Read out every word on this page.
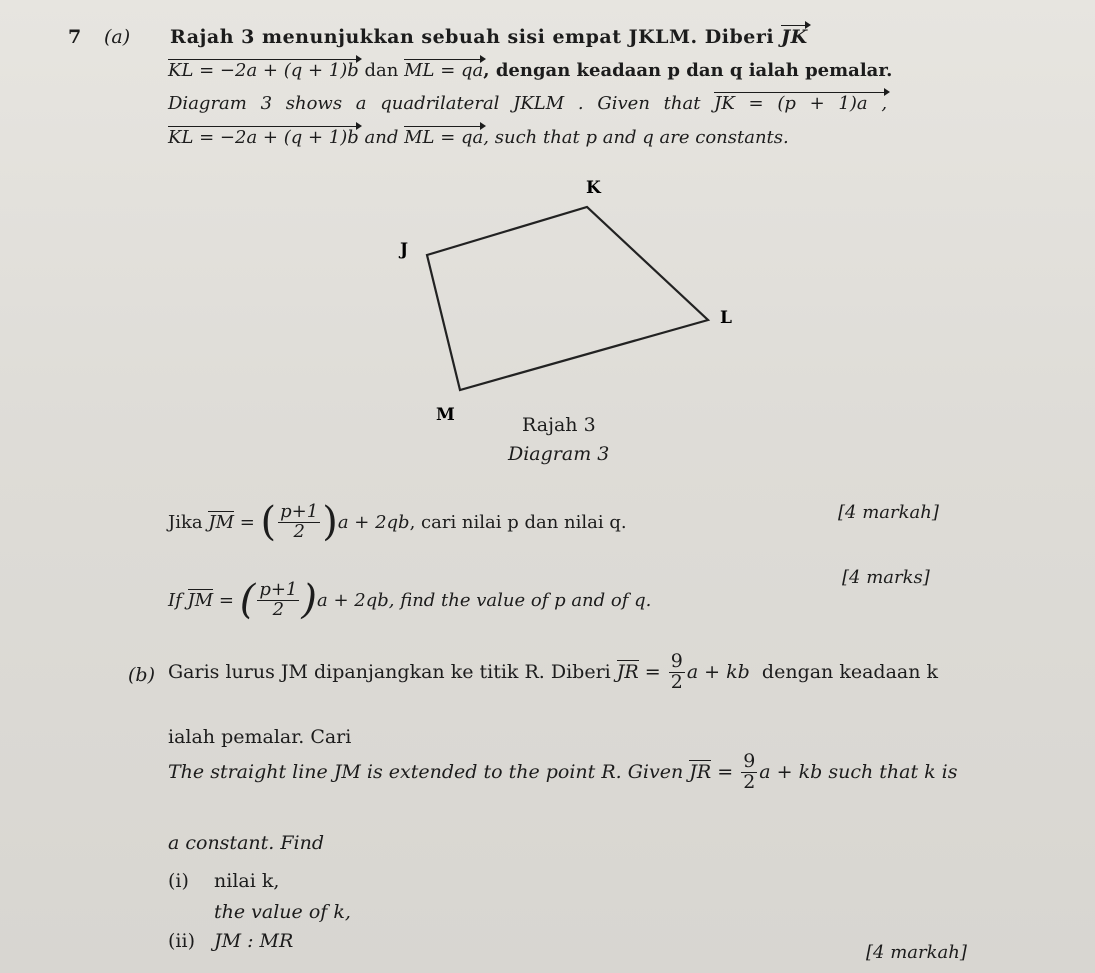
7 (a) Rajah 3 menunjukkan sebuah sisi empat JKLM. Diberi JK
KL = −2a + (q + 1)b dan ML = qa, dengan keadaan p dan q ialah pemalar.
Diagram 3 shows a quadrilateral JKLM . Given that JK = (p + 1)a ,
KL = −2a + (q + 1)b and ML = qa, such that p and q are constants.
J
K
L
M	Rajah 3
Diagram 3
Jika
JM = ( $\frac{p+1}{2}$ ) a + 2qb , cari nilai p dan nilai q.	[4 markah]
If
JM = ( $\frac{p+1}{2}$ ) a + 2qb , find the value of p and of q.
[4 marks]
(b) Garis lurus JM dipanjangkan ke titik R. Diberi
JR = $\frac{9}{2}$ a + kb
dengan keadaan k
ialah pemalar. Cari
The straight line JM is extended to the point R. Given
JR = $\frac{9}{2}$ a + kb
such that k is
a constant. Find
(i) nilai k,
the value of k,
(ii) JM : MR
[4 markah]
